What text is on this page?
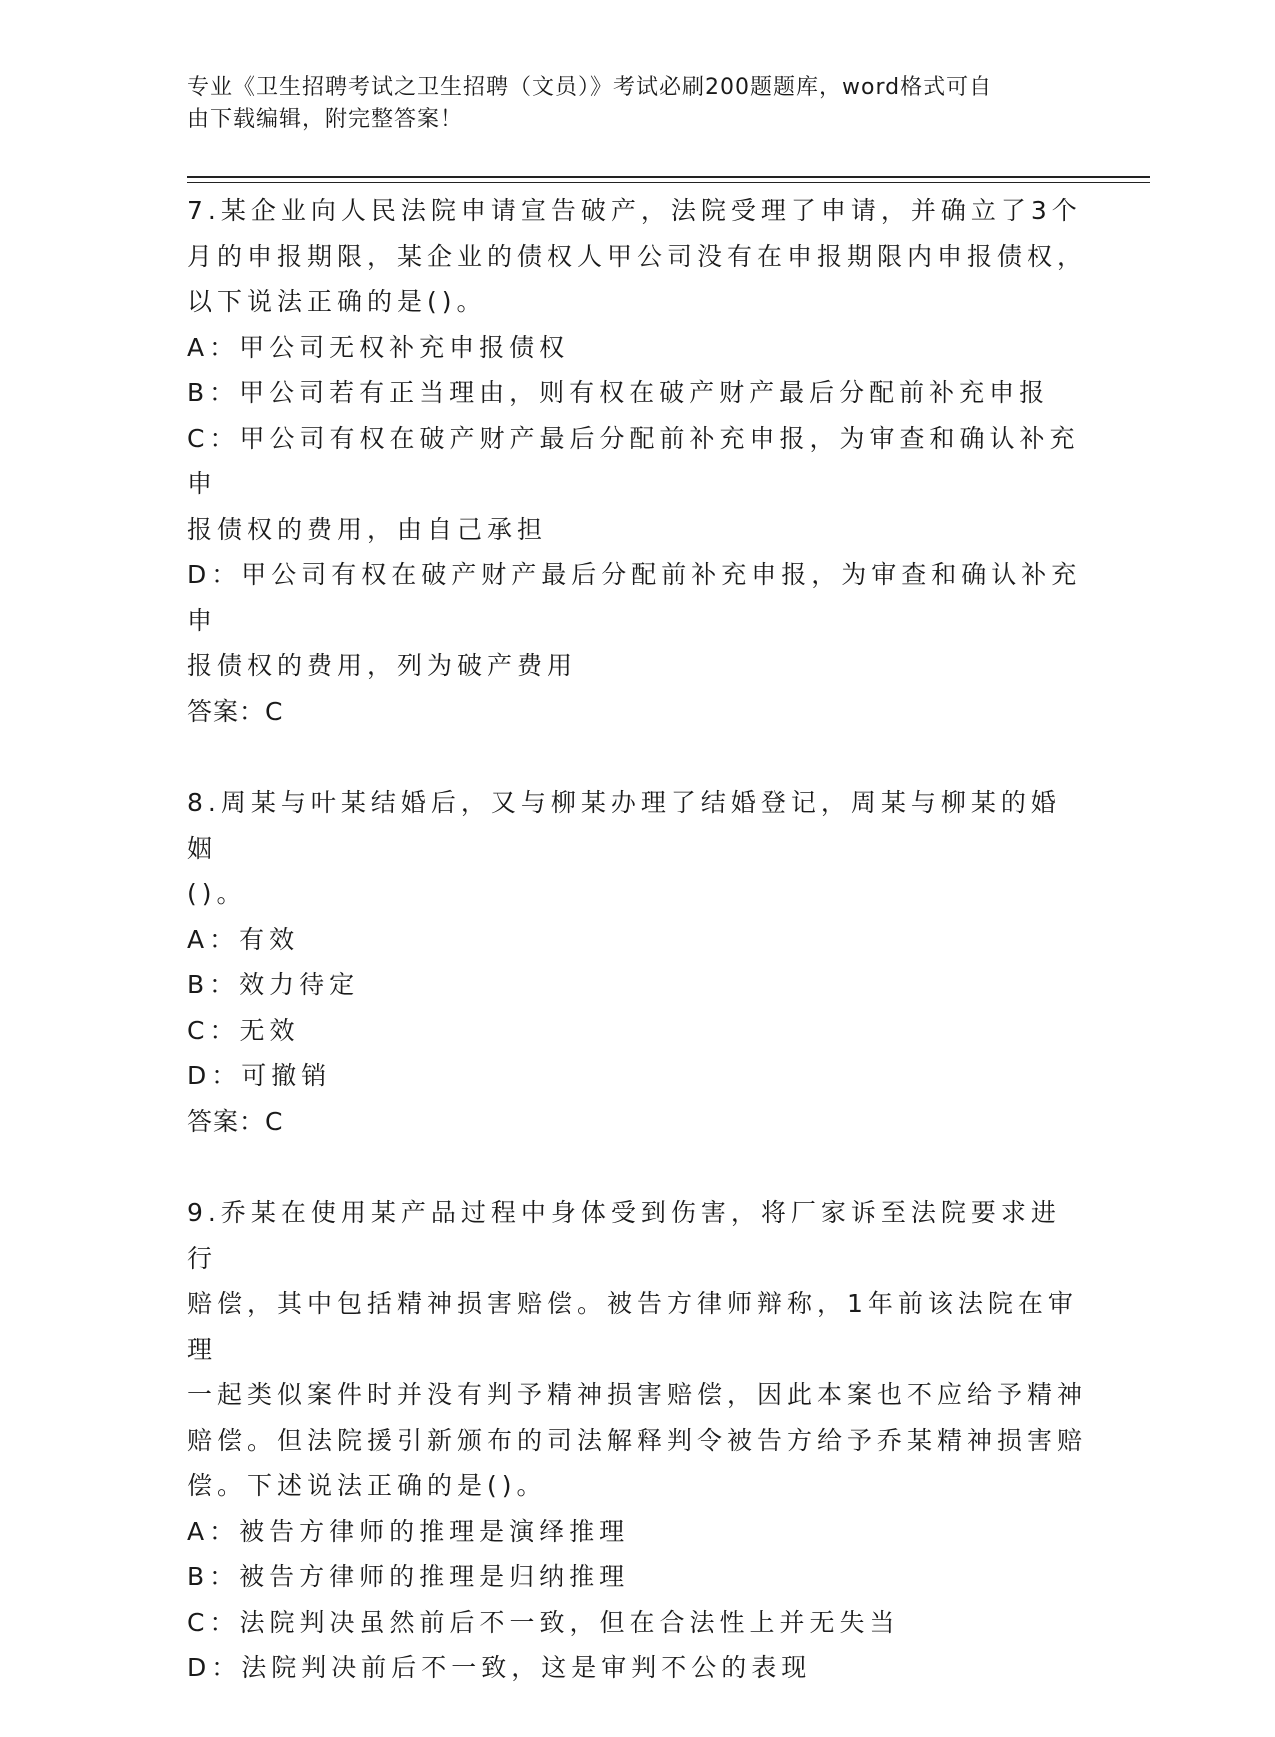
专业《卫生招聘考试之卫生招聘（文员）》考试必刷200题题库，word格式可自
由下载编辑，附完整答案！
7.某企业向人民法院申请宣告破产，法院受理了申请，并确立了3个
月的申报期限，某企业的债权人甲公司没有在申报期限内申报债权，
以下说法正确的是()。
A：甲公司无权补充申报债权
B：甲公司若有正当理由，则有权在破产财产最后分配前补充申报
C：甲公司有权在破产财产最后分配前补充申报，为审查和确认补充申
报债权的费用，由自己承担
D：甲公司有权在破产财产最后分配前补充申报，为审查和确认补充申
报债权的费用，列为破产费用
答案：C
8.周某与叶某结婚后，又与柳某办理了结婚登记，周某与柳某的婚姻
()。
A：有效
B：效力待定
C：无效
D：可撤销
答案：C
9.乔某在使用某产品过程中身体受到伤害，将厂家诉至法院要求进行
赔偿，其中包括精神损害赔偿。被告方律师辩称，1年前该法院在审理
一起类似案件时并没有判予精神损害赔偿，因此本案也不应给予精神
赔偿。但法院援引新颁布的司法解释判令被告方给予乔某精神损害赔
偿。下述说法正确的是()。
A：被告方律师的推理是演绎推理
B：被告方律师的推理是归纳推理
C：法院判决虽然前后不一致，但在合法性上并无失当
D：法院判决前后不一致，这是审判不公的表现
